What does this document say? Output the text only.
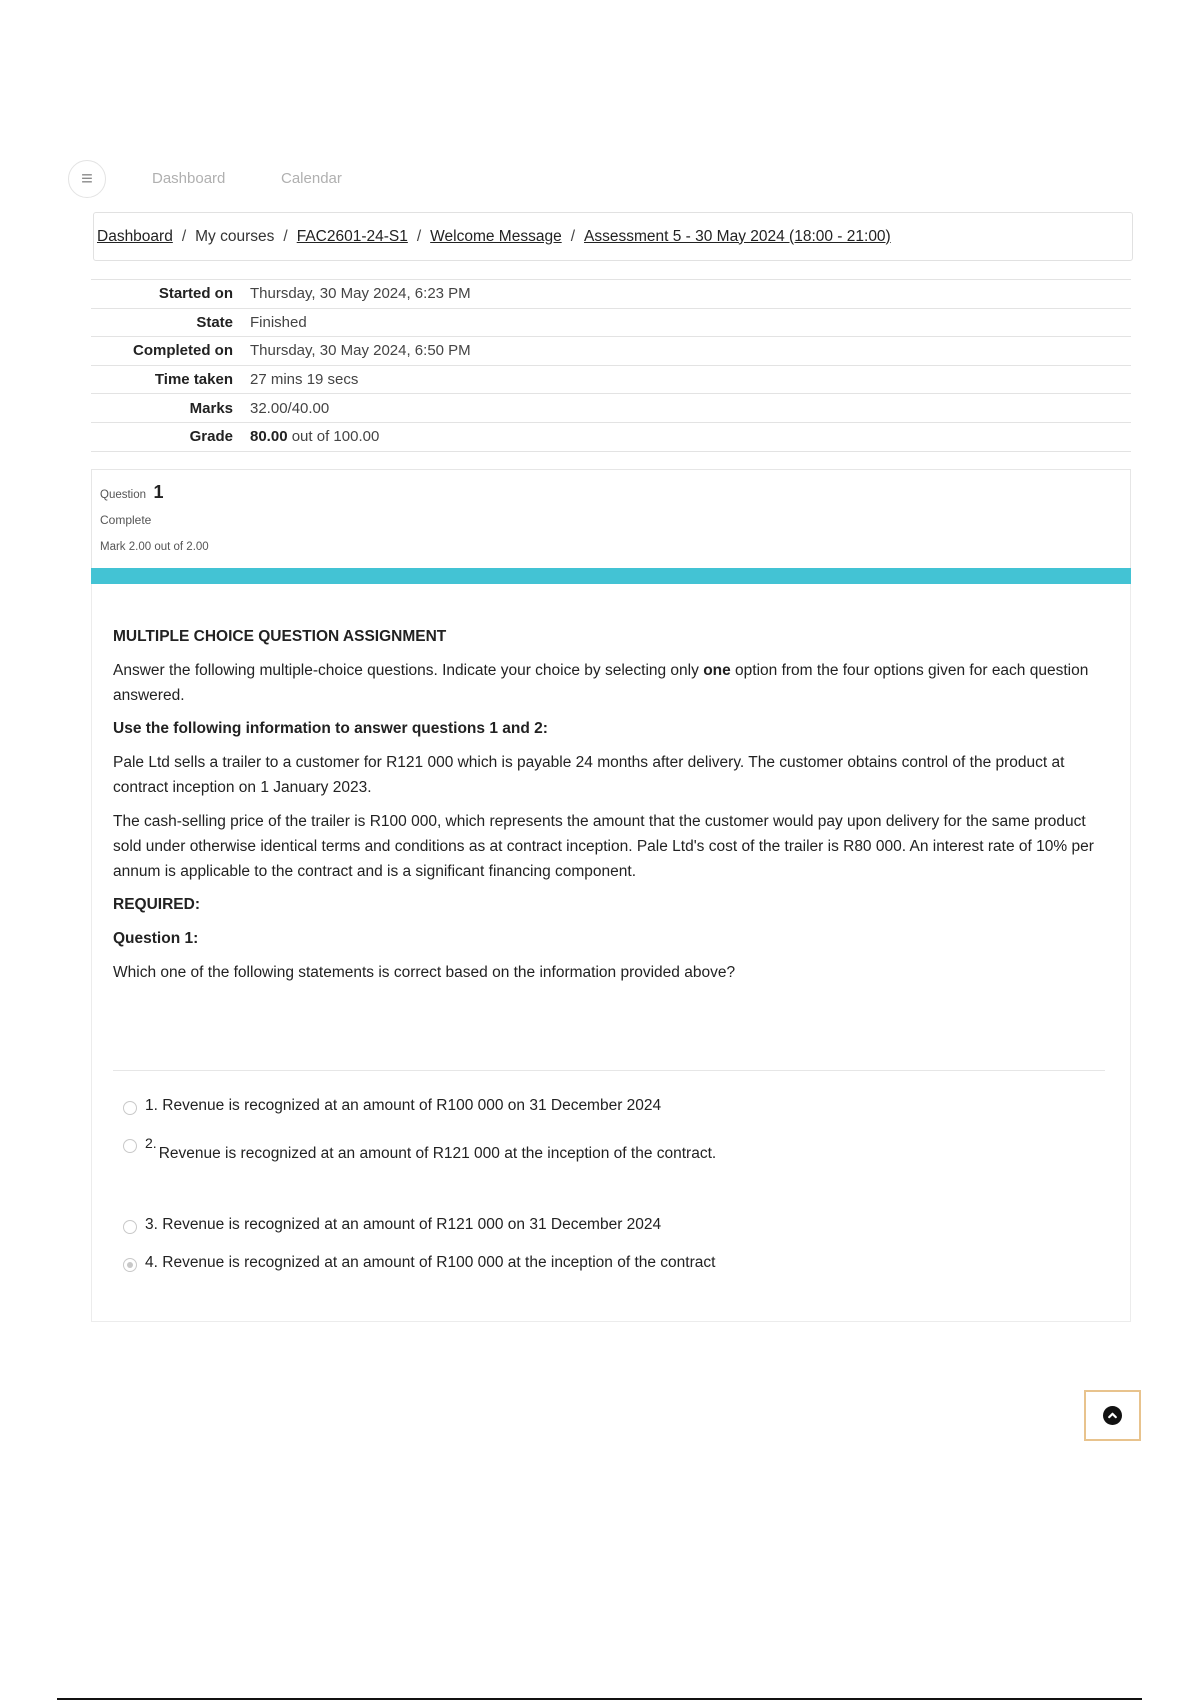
≡	Dashboard	Calendar
Dashboard / My courses / FAC2601-24-S1 / Welcome Message / Assessment 5 - 30 May 2024 (18:00 - 21:00)
Started on	Thursday, 30 May 2024, 6:23 PM
State	Finished
Completed on	Thursday, 30 May 2024, 6:50 PM
Time taken	27 mins 19 secs
Marks	32.00/40.00
Grade	80.00 out of 100.00
Question 1
Complete
Mark 2.00 out of 2.00
MULTIPLE CHOICE QUESTION ASSIGNMENT
Answer the following multiple-choice questions. Indicate your choice by selecting only one option from the four options given for each question answered.
Use the following information to answer questions 1 and 2:
Pale Ltd sells a trailer to a customer for R121 000 which is payable 24 months after delivery. The customer obtains control of the product at contract inception on 1 January 2023.
The cash-selling price of the trailer is R100 000, which represents the amount that the customer would pay upon delivery for the same product sold under otherwise identical terms and conditions as at contract inception. Pale Ltd's cost of the trailer is R80 000. An interest rate of 10% per annum is applicable to the contract and is a significant financing component.
REQUIRED:
Question 1:
Which one of the following statements is correct based on the information provided above?
1.
Revenue is recognized at an amount of R100 000 on 31 December 2024
2.
Revenue is recognized at an amount of R121 000 at the inception of the contract.
3.
Revenue is recognized at an amount of R121 000 on 31 December 2024
4.
Revenue is recognized at an amount of R100 000 at the inception of the contract
